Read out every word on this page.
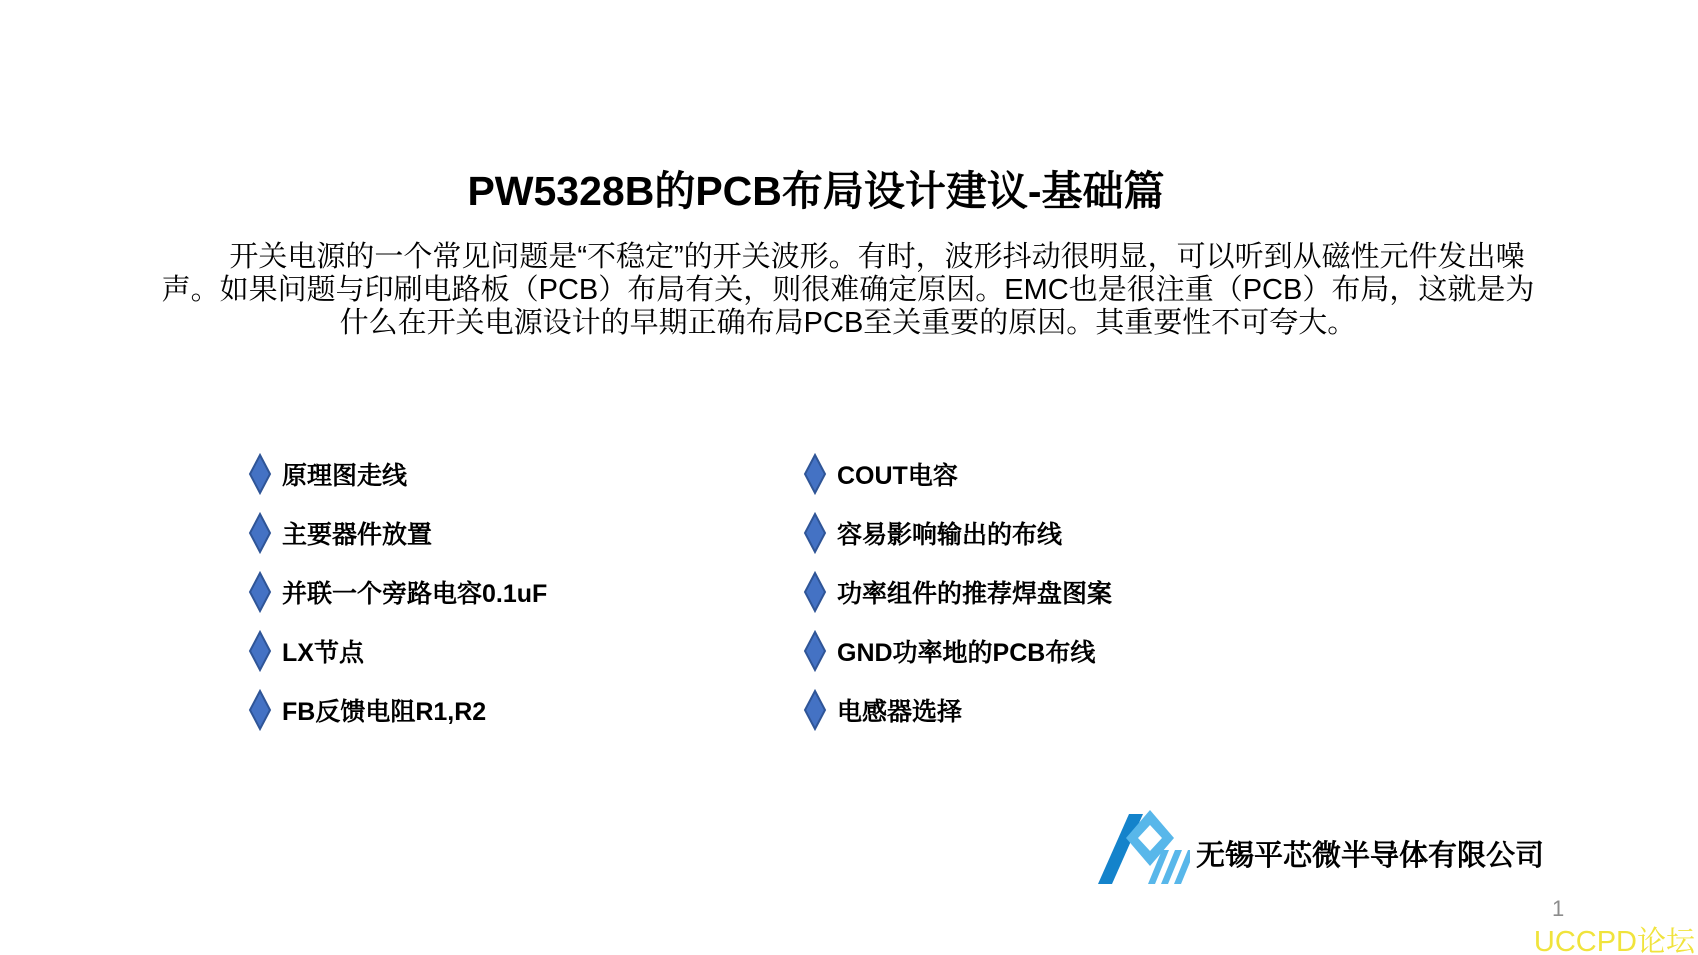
PW5328B的PCB布局设计建议-基础篇
　　开关电源的一个常见问题是“不稳定”的开关波形。有时，波形抖动很明显，可以听到从磁性元件发出噪
声。如果问题与印刷电路板（PCB）布局有关，则很难确定原因。EMC也是很注重（PCB）布局，这就是为
什么在开关电源设计的早期正确布局PCB至关重要的原因。其重要性不可夸大。
原理图走线
主要器件放置
并联一个旁路电容0.1uF
LX节点
FB反馈电阻R1,R2
COUT电容
容易影响输出的布线
功率组件的推荐焊盘图案
GND功率地的PCB布线
电感器选择
无锡平芯微半导体有限公司
1
UCCPD论坛
